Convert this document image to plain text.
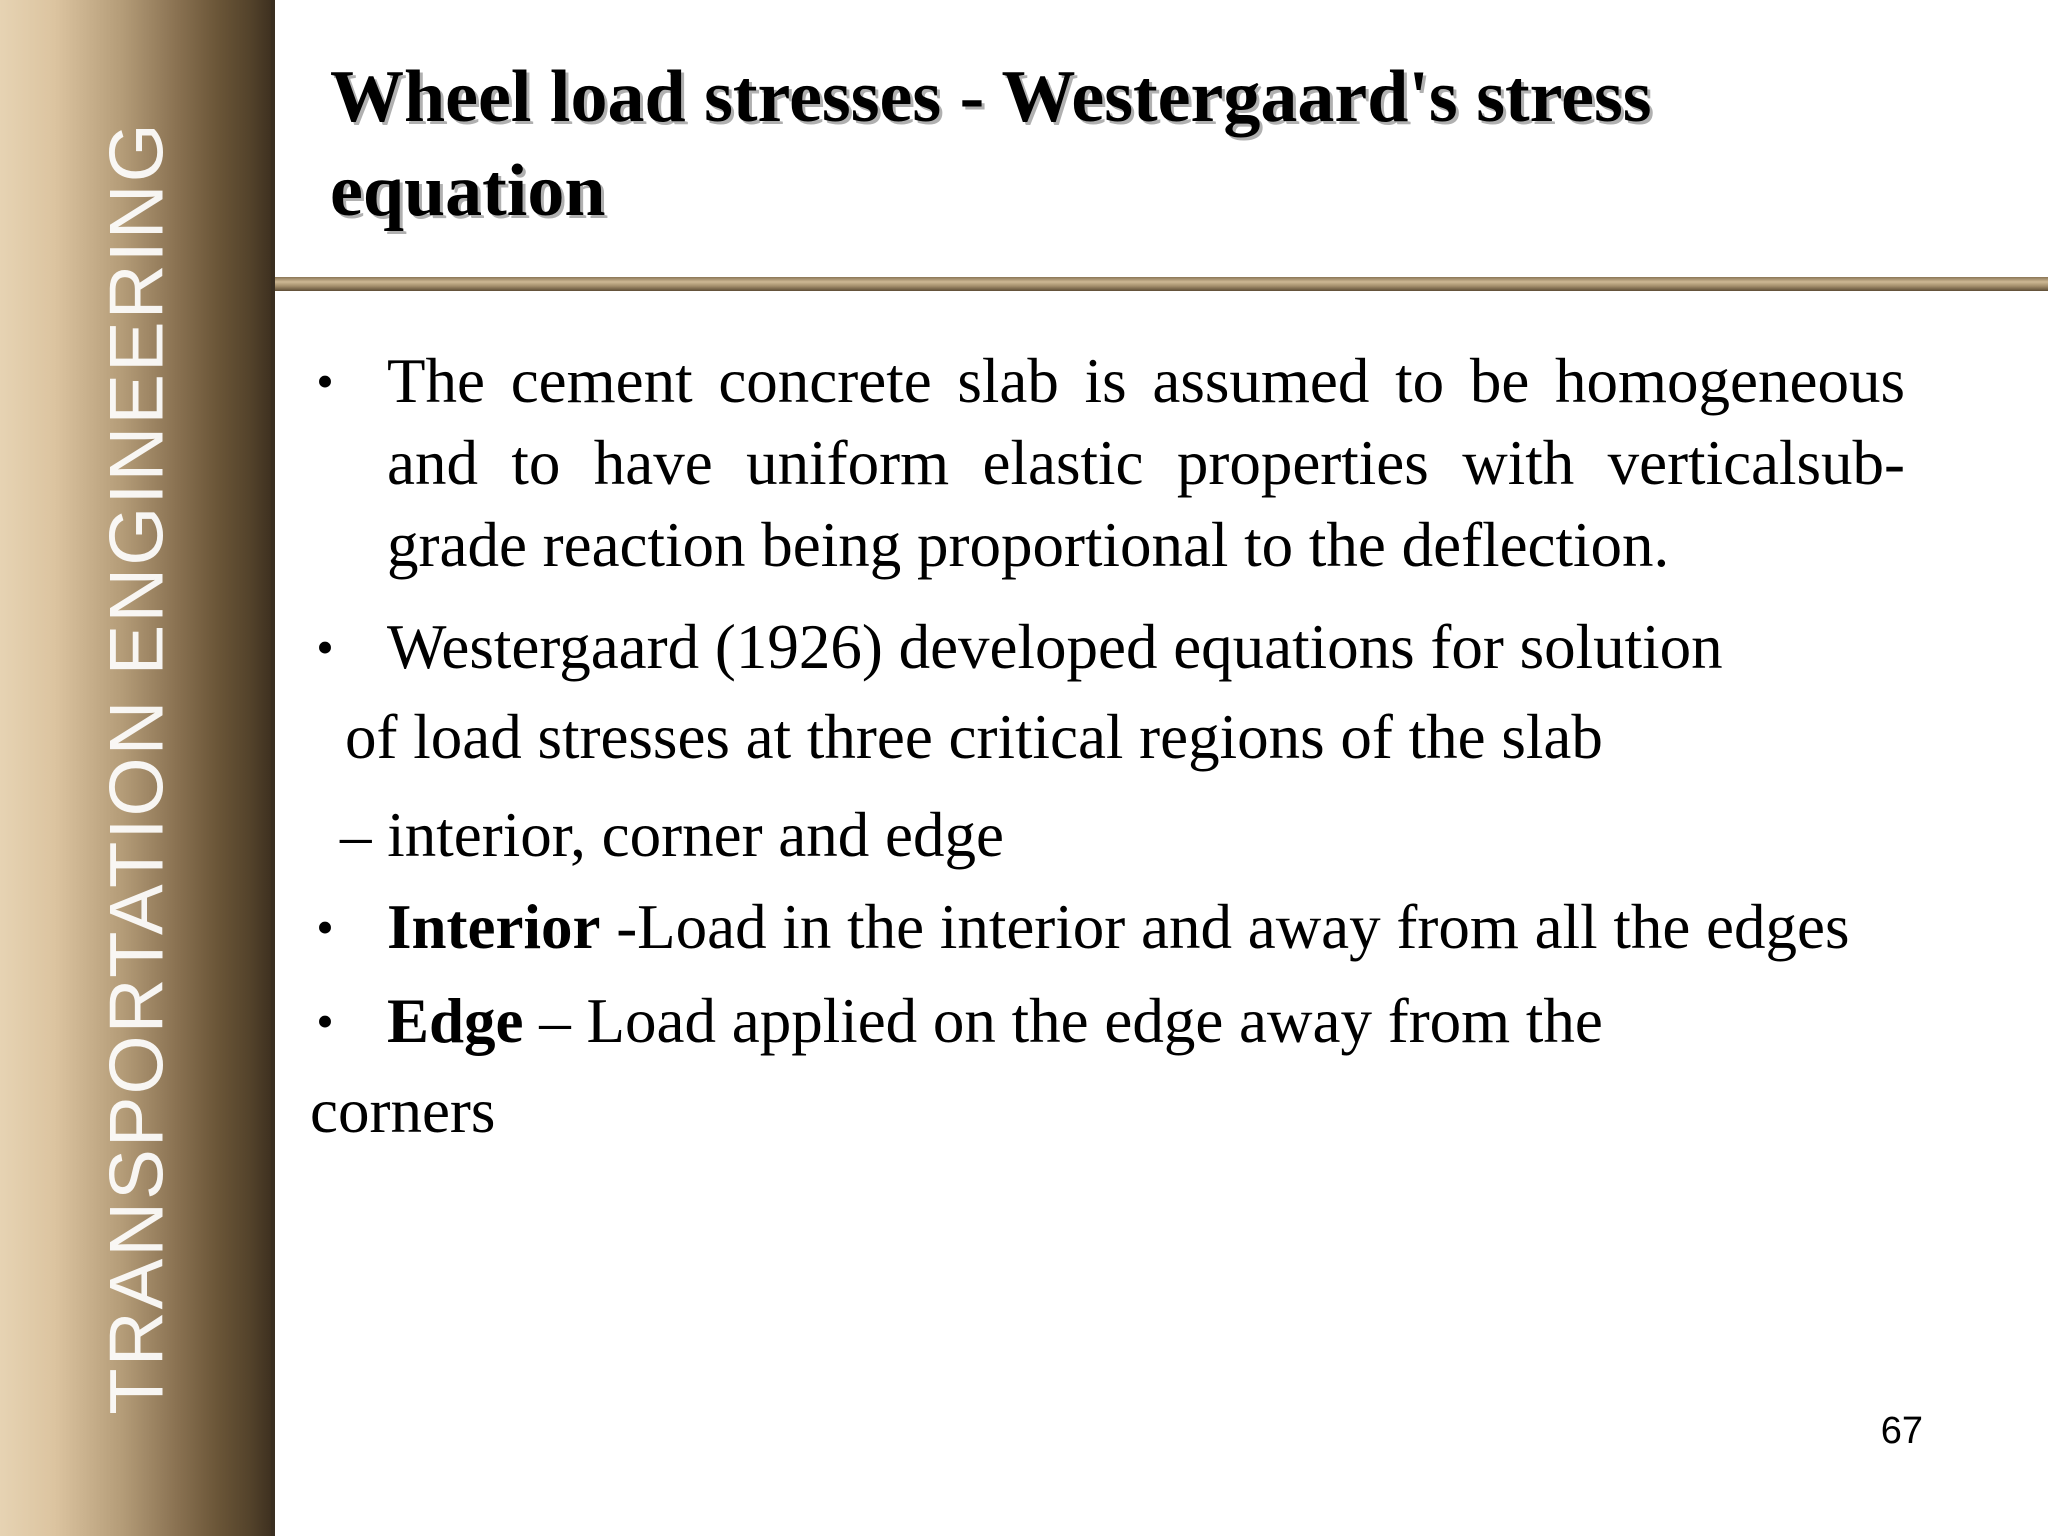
TRANSPORTATION ENGINEERING
Wheel load stresses - Westergaard's stress
equation
• The cement concrete slab is assumed to be homogeneous and to have uniform elastic properties with verticalsub-grade reaction being proportional to the deflection.
• Westergaard (1926) developed equations for solution
of load stresses at three critical regions of the slab
– interior, corner and edge
• Interior -Load in the interior and away from all the edges
• Edge – Load applied on the edge away from the
corners
67
